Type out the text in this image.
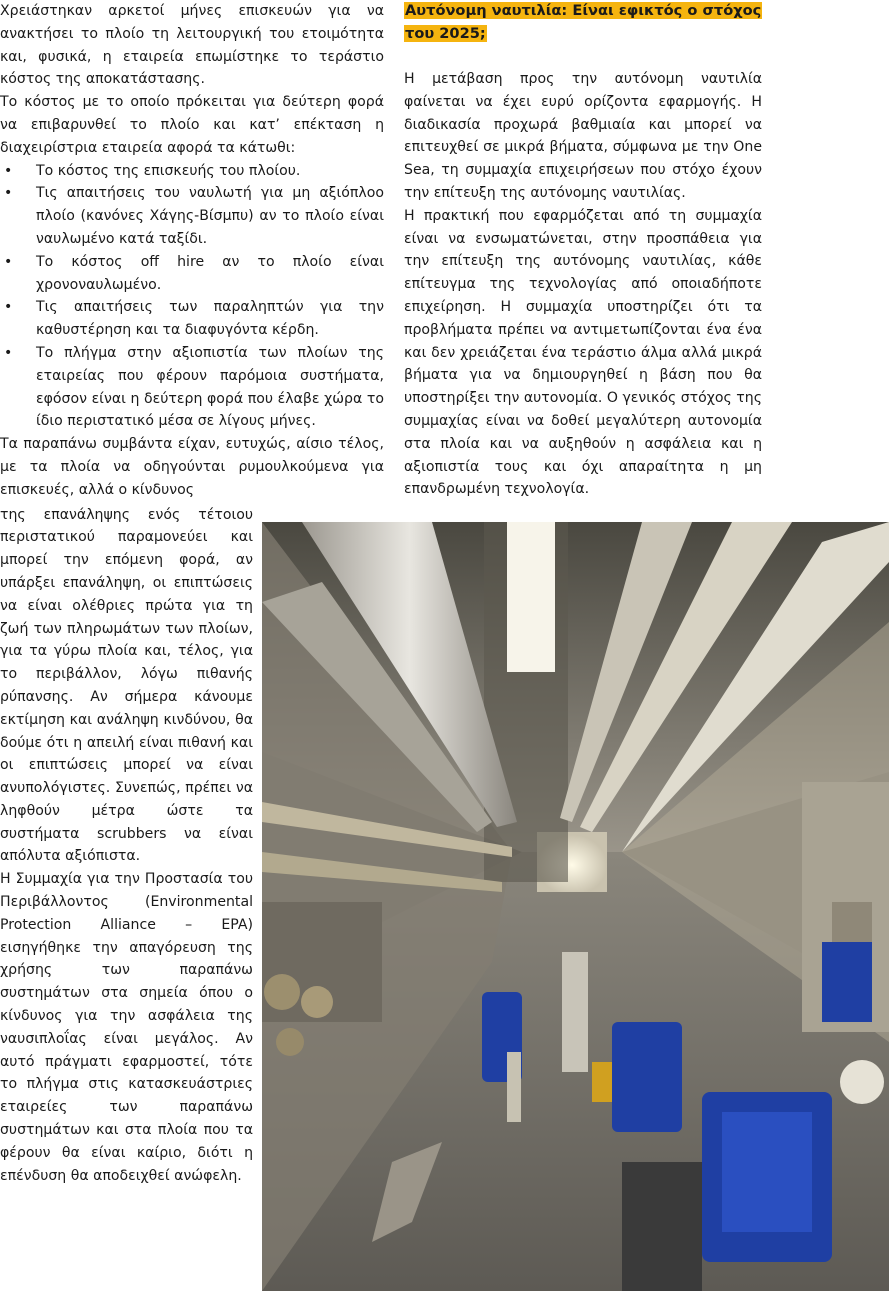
Χρειάστηκαν αρκετοί μήνες επισκευών για να ανακτήσει το πλοίο τη λειτουργική του ετοιμότητα και, φυσικά, η εταιρεία επωμίστηκε το τεράστιο κόστος της αποκατάστασης.

Το κόστος με το οποίο πρόκειται για δεύτερη φορά να επιβαρυνθεί το πλοίο και κατ’ επέκταση η διαχειρίστρια εταιρεία αφορά τα κάτωθι:

• Το κόστος της επισκευής του πλοίου.
• Τις απαιτήσεις του ναυλωτή για μη αξιόπλοο πλοίο (κανόνες Χάγης-Βίσμπυ) αν το πλοίο είναι ναυλωμένο κατά ταξίδι.
• Το κόστος off hire αν το πλοίο είναι χρονοναυλωμένο.
• Τις απαιτήσεις των παραληπτών για την καθυστέρηση και τα διαφυγόντα κέρδη.
• Το πλήγμα στην αξιοπιστία των πλοίων της εταιρείας που φέρουν παρόμοια συστήματα, εφόσον είναι η δεύτερη φορά που έλαβε χώρα το ίδιο περιστατικό μέσα σε λίγους μήνες.

Τα παραπάνω συμβάντα είχαν, ευτυχώς, αίσιο τέλος, με τα πλοία να οδηγούνται ρυμουλκούμενα για επισκευές, αλλά ο κίνδυνος

της επανάληψης ενός τέτοιου περιστατικού παραμονεύει και μπορεί την επόμενη φορά, αν υπάρξει επανάληψη, οι επιπτώσεις να είναι ολέθριες πρώτα για τη ζωή των πληρωμάτων των πλοίων, για τα γύρω πλοία και, τέλος, για το περιβάλλον, λόγω πιθανής ρύπανσης. Αν σήμερα κάνουμε εκτίμηση και ανάληψη κινδύνου, θα δούμε ότι η απειλή είναι πιθανή και οι επιπτώσεις μπορεί να είναι ανυπολόγιστες. Συνεπώς, πρέπει να ληφθούν μέτρα ώστε τα συστήματα scrubbers να είναι απόλυτα αξιόπιστα.

Η Συμμαχία για την Προστασία του Περιβάλλοντος (Environmental Protection Alliance – EPA) εισηγήθηκε την απαγόρευση της χρήσης των παραπάνω συστημάτων στα σημεία όπου ο κίνδυνος για την ασφάλεια της ναυσιπλοΐας είναι μεγάλος. Αν αυτό πράγματι εφαρμοστεί, τότε το πλήγμα στις κατασκευάστριες εταιρείες των παραπάνω συστημάτων και στα πλοία που τα φέρουν θα είναι καίριο, διότι η επένδυση θα αποδειχθεί ανώφελη.

Αυτόνομη ναυτιλία: Είναι εφικτός ο στόχος του 2025;

Η μετάβαση προς την αυτόνομη ναυτιλία φαίνεται να έχει ευρύ ορίζοντα εφαρμογής. Η διαδικασία προχωρά βαθμιαία και μπορεί να επιτευχθεί σε μικρά βήματα, σύμφωνα με την One Sea, τη συμμαχία επιχειρήσεων που στόχο έχουν την επίτευξη της αυτόνομης ναυτιλίας.

Η πρακτική που εφαρμόζεται από τη συμμαχία είναι να ενσωματώνεται, στην προσπάθεια για την επίτευξη της αυτόνομης ναυτιλίας, κάθε επίτευγμα της τεχνολογίας από οποιαδήποτε επιχείρηση. Η συμμαχία υποστηρίζει ότι τα προβλήματα πρέπει να αντιμετωπίζονται ένα ένα και δεν χρειάζεται ένα τεράστιο άλμα αλλά μικρά βήματα για να δημιουργηθεί η βάση που θα υποστηρίξει την αυτονομία. Ο γενικός στόχος της συμμαχίας είναι να δοθεί μεγαλύτερη αυτονομία στα πλοία και να αυξηθούν η ασφάλεια και η αξιοπιστία τους και όχι απαραίτητα η μη επανδρωμένη τεχνολογία.
